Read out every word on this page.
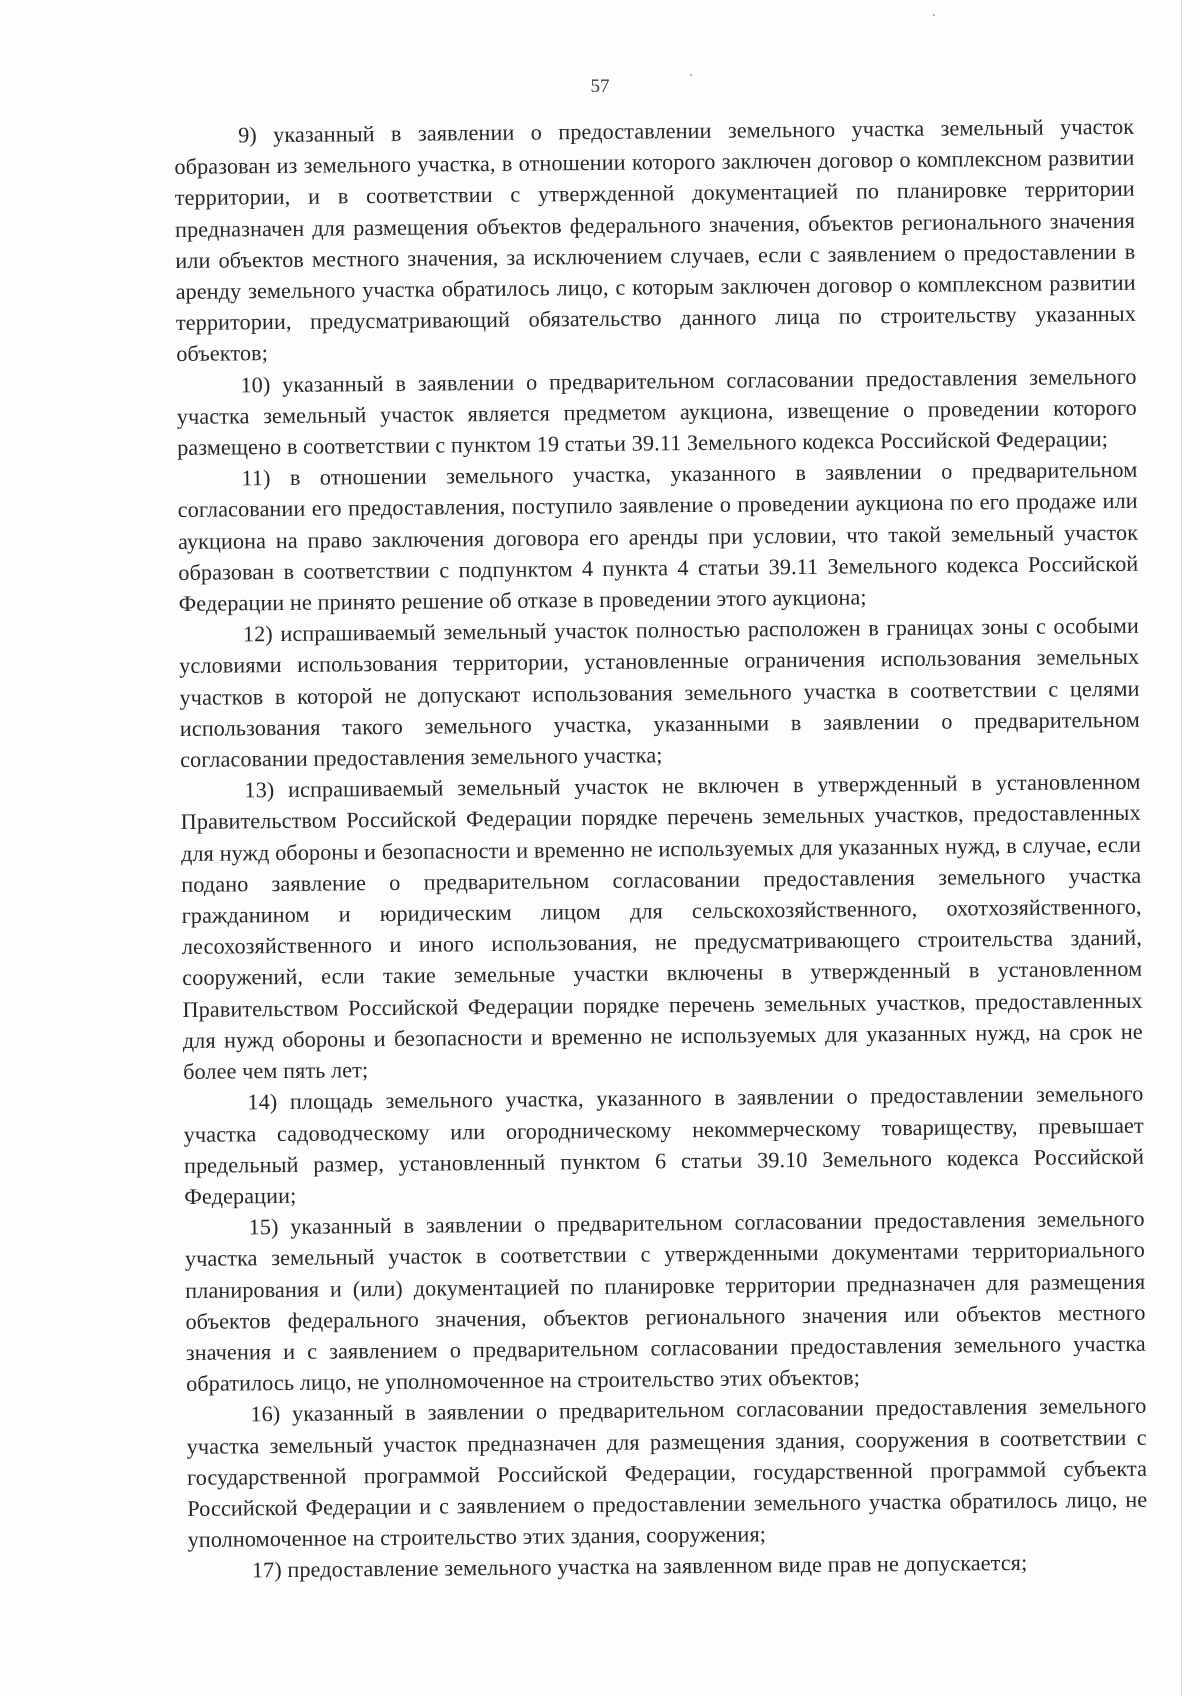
57

9) указанный в заявлении о предоставлении земельного участка земельный участок образован из земельного участка, в отношении которого заключен договор о комплексном развитии территории, и в соответствии с утвержденной документацией по планировке территории предназначен для размещения объектов федерального значения, объектов регионального значения или объектов местного значения, за исключением случаев, если с заявлением о предоставлении в аренду земельного участка обратилось лицо, с которым заключен договор о комплексном развитии территории, предусматривающий обязательство данного лица по строительству указанных объектов;

10) указанный в заявлении о предварительном согласовании предоставления земельного участка земельный участок является предметом аукциона, извещение о проведении которого размещено в соответствии с пунктом 19 статьи 39.11 Земельного кодекса Российской Федерации;

11) в отношении земельного участка, указанного в заявлении о предварительном согласовании его предоставления, поступило заявление о проведении аукциона по его продаже или аукциона на право заключения договора его аренды при условии, что такой земельный участок образован в соответствии с подпунктом 4 пункта 4 статьи 39.11 Земельного кодекса Российской Федерации не принято решение об отказе в проведении этого аукциона;

12) испрашиваемый земельный участок полностью расположен в границах зоны с особыми условиями использования территории, установленные ограничения использования земельных участков в которой не допускают использования земельного участка в соответствии с целями использования такого земельного участка, указанными в заявлении о предварительном согласовании предоставления земельного участка;

13) испрашиваемый земельный участок не включен в утвержденный в установленном Правительством Российской Федерации порядке перечень земельных участков, предоставленных для нужд обороны и безопасности и временно не используемых для указанных нужд, в случае, если подано заявление о предварительном согласовании предоставления земельного участка гражданином и юридическим лицом для сельскохозяйственного, охотхозяйственного, лесохозяйственного и иного использования, не предусматривающего строительства зданий, сооружений, если такие земельные участки включены в утвержденный в установленном Правительством Российской Федерации порядке перечень земельных участков, предоставленных для нужд обороны и безопасности и временно не используемых для указанных нужд, на срок не более чем пять лет;

14) площадь земельного участка, указанного в заявлении о предоставлении земельного участка садоводческому или огородническому некоммерческому товариществу, превышает предельный размер, установленный пунктом 6 статьи 39.10 Земельного кодекса Российской Федерации;

15) указанный в заявлении о предварительном согласовании предоставления земельного участка земельный участок в соответствии с утвержденными документами территориального планирования и (или) документацией по планировке территории предназначен для размещения объектов федерального значения, объектов регионального значения или объектов местного значения и с заявлением о предварительном согласовании предоставления земельного участка обратилось лицо, не уполномоченное на строительство этих объектов;

16) указанный в заявлении о предварительном согласовании предоставления земельного участка земельный участок предназначен для размещения здания, сооружения в соответствии с государственной программой Российской Федерации, государственной программой субъекта Российской Федерации и с заявлением о предоставлении земельного участка обратилось лицо, не уполномоченное на строительство этих здания, сооружения;

17) предоставление земельного участка на заявленном виде прав не допускается;
